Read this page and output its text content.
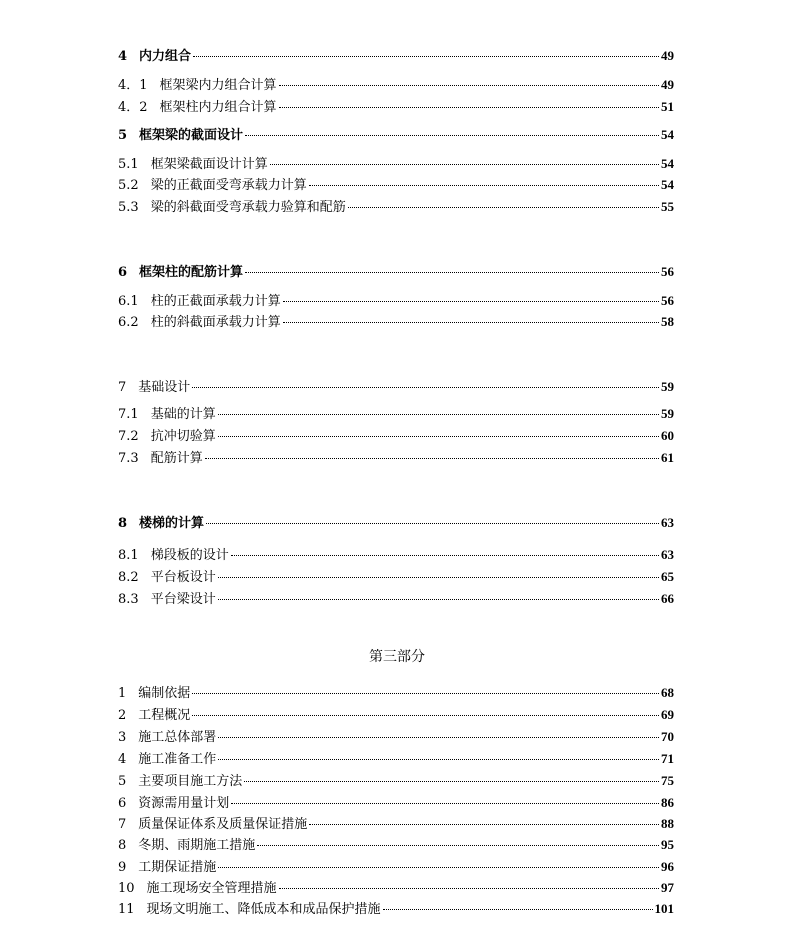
4 内力组合	49
4．1 框架梁内力组合计算	49
4．2 框架柱内力组合计算	51
5 框架梁的截面设计	54
5.1 框架梁截面设计计算	54
5.2 梁的正截面受弯承载力计算	54
5.3 梁的斜截面受弯承载力验算和配筋	55
6 框架柱的配筋计算	56
6.1 柱的正截面承载力计算	56
6.2 柱的斜截面承载力计算	58
7 基础设计	59
7.1 基础的计算	59
7.2 抗冲切验算	60
7.3 配筋计算	61
8 楼梯的计算	63
8.1 梯段板的设计	63
8.2 平台板设计	65
8.3 平台梁设计	66
第三部分
1 编制依据	68
2 工程概况	69
3 施工总体部署	70
4 施工准备工作	71
5 主要项目施工方法	75
6 资源需用量计划	86
7 质量保证体系及质量保证措施	88
8 冬期、雨期施工措施	95
9 工期保证措施	96
10 施工现场安全管理措施	97
11 现场文明施工、降低成本和成品保护措施	101
